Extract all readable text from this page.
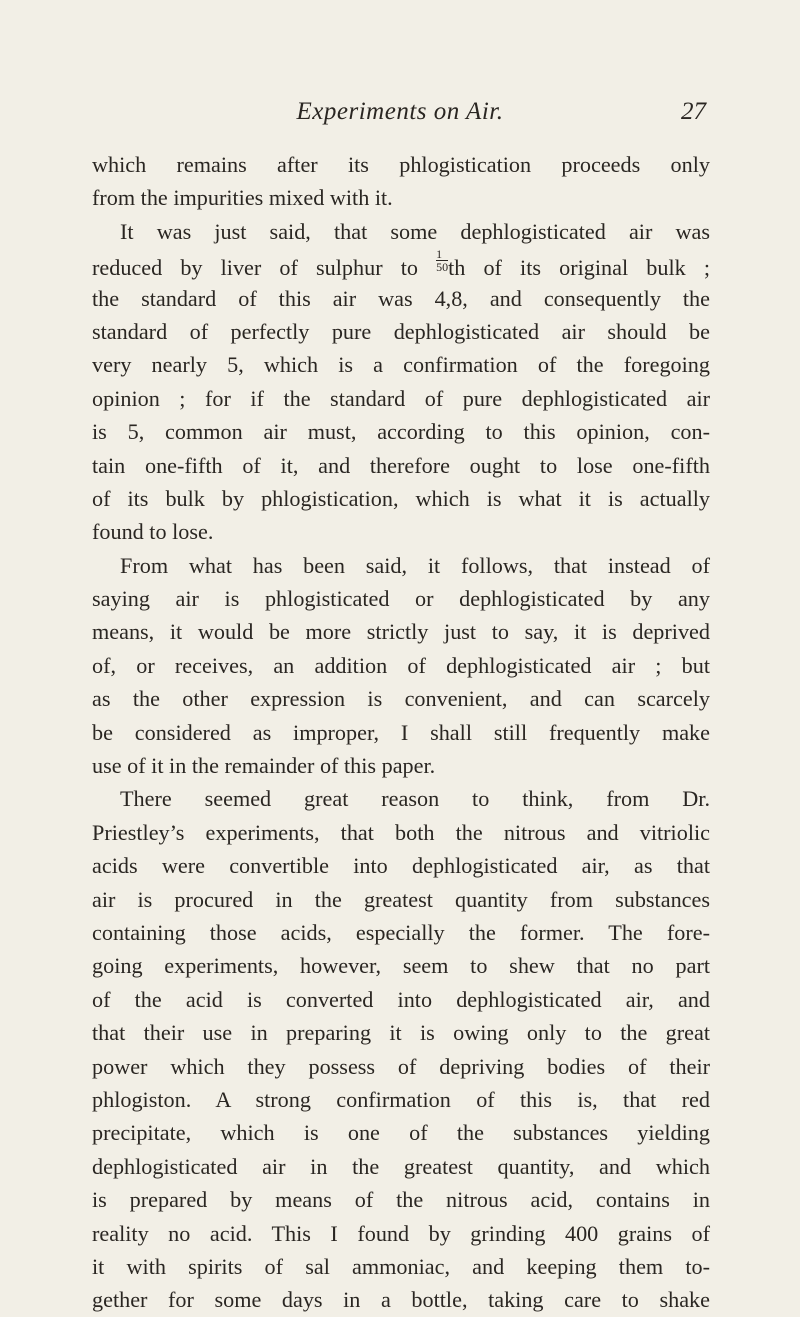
Experiments on Air.	27
which remains after its phlogistication proceeds only
from the impurities mixed with it.
It was just said, that some dephlogisticated air was
reduced by liver of sulphur to $\frac{1}{50}$ th of its original bulk ;
the standard of this air was 4,8, and consequently the
standard of perfectly pure dephlogisticated air should be
very nearly 5, which is a confirmation of the foregoing
opinion ; for if the standard of pure dephlogisticated air
is 5, common air must, according to this opinion, con-
tain one-fifth of it, and therefore ought to lose one-fifth
of its bulk by phlogistication, which is what it is actually
found to lose.
From what has been said, it follows, that instead of
saying air is phlogisticated or dephlogisticated by any
means, it would be more strictly just to say, it is deprived
of, or receives, an addition of dephlogisticated air ; but
as the other expression is convenient, and can scarcely
be considered as improper, I shall still frequently make
use of it in the remainder of this paper.
There seemed great reason to think, from Dr.
Priestley’s experiments, that both the nitrous and vitriolic
acids were convertible into dephlogisticated air, as that
air is procured in the greatest quantity from substances
containing those acids, especially the former. The fore-
going experiments, however, seem to shew that no part
of the acid is converted into dephlogisticated air, and
that their use in preparing it is owing only to the great
power which they possess of depriving bodies of their
phlogiston. A strong confirmation of this is, that red
precipitate, which is one of the substances yielding
dephlogisticated air in the greatest quantity, and which
is prepared by means of the nitrous acid, contains in
reality no acid. This I found by grinding 400 grains of
it with spirits of sal ammoniac, and keeping them to-
gether for some days in a bottle, taking care to shake
